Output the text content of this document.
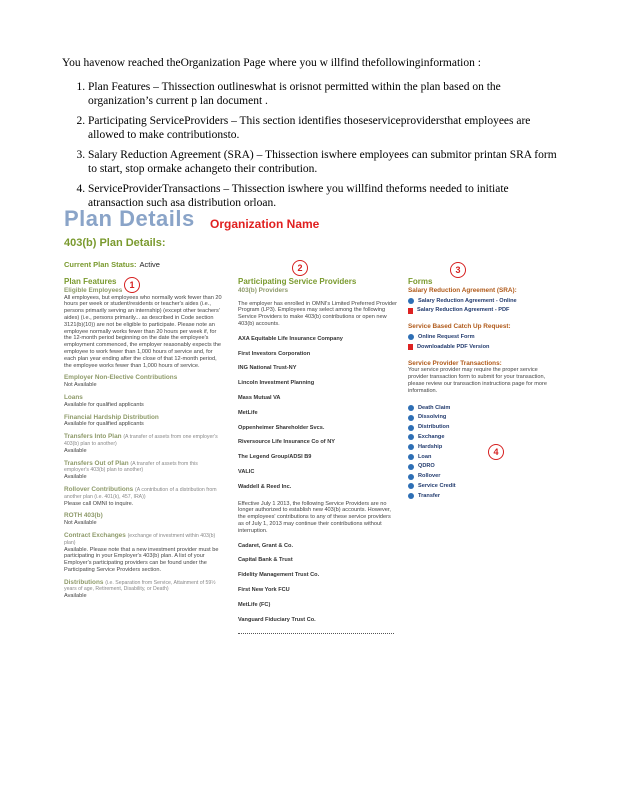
You havenow reached theOrganization Page where you w illfind thefollowinginformation :

1. Plan Features – Thissection outlineswhat is orisnot permitted within the plan based on the organization’s current p lan document .
2. Participating ServiceProviders – This section identifies thoseserviceprovidersthat employees are allowed to make contributionsto.
3. Salary Reduction Agreement (SRA) – Thissection iswhere employees can submitor printan SRA form to start, stop ormake achangeto their contribution.
4. ServiceProviderTransactions – Thissection iswhere you willfind theforms needed to initiate atransaction such asa distribution orloan.
Plan Details Organization Name
403(b) Plan Details:
Current Plan Status: Active
1
2	3
4
Plan Features
Eligible Employees
All employees, but employees who normally work fewer than 20 hours per week or student/residents or teacher's aides (i.e., persons primarily serving an internship) (except other teachers' aides) (i.e., persons primarily... as described in Code section 3121(b)(10)) are not be eligible to participate. Please note an employee normally works fewer than 20 hours per week if, for the 12-month period beginning on the date the employee's employment commenced, the employer reasonably expects the employee to work fewer than 1,000 hours of service and, for each plan year ending after the close of that 12-month period, the employee works fewer than 1,000 hours of service.
Employer Non-Elective Contributions
Not Available
Loans
Available for qualified applicants
Financial Hardship Distribution
Available for qualified applicants
Transfers Into Plan (A transfer of assets from one employer's 403(b) plan to another)
Available
Transfers Out of Plan (A transfer of assets from this employer's 403(b) plan to another)
Available
Rollover Contributions (A contribution of a distribution from another plan (i.e. 401(k), 457, IRA))
Please call OMNI to inquire.
ROTH 403(b)
Not Available
Contract Exchanges (exchange of investment within 403(b) plan)
Available. Please note that a new investment provider must be participating in your Employer's 403(b) plan. A list of your Employer's participating providers can be found under the Participating Service Providers section.
Distributions (i.e. Separation from Service, Attainment of 59½ years of age, Retirement, Disability, or Death)
Available
Participating Service Providers
403(b) Providers
The employer has enrolled in OMNI's Limited Preferred Provider Program (LP3). Employees may select among the following Service Providers to make 403(b) contributions or open new 403(b) accounts.
AXA Equitable Life Insurance Company
First Investors Corporation
ING National Trust-NY
Lincoln Investment Planning
Mass Mutual VA
MetLife
Oppenheimer Shareholder Svcs.
Riversource Life Insurance Co of NY
The Legend Group/ADSI B9
VALIC
Waddell & Reed Inc.
Effective July 1 2013, the following Service Providers are no longer authorized to establish new 403(b) accounts. However, the employees' contributions to any of these service providers as of July 1, 2013 may continue their contributions without interruption.
Cadaret, Grant & Co.
Capital Bank & Trust
Fidelity Management Trust Co.
First New York FCU
MetLife (FC)
Vanguard Fiduciary Trust Co.
Forms
Salary Reduction Agreement (SRA):
Salary Reduction Agreement - Online
Salary Reduction Agreement - PDF
Service Based Catch Up Request:
Online Request Form
Downloadable PDF Version
Service Provider Transactions:
Your service provider may require the proper service provider transaction form to submit for your transaction, please review our transaction instructions page for more information.
Death Claim
Dissolving
Distribution
Exchange
Hardship
Loan
QDRO
Rollover
Service Credit
Transfer
